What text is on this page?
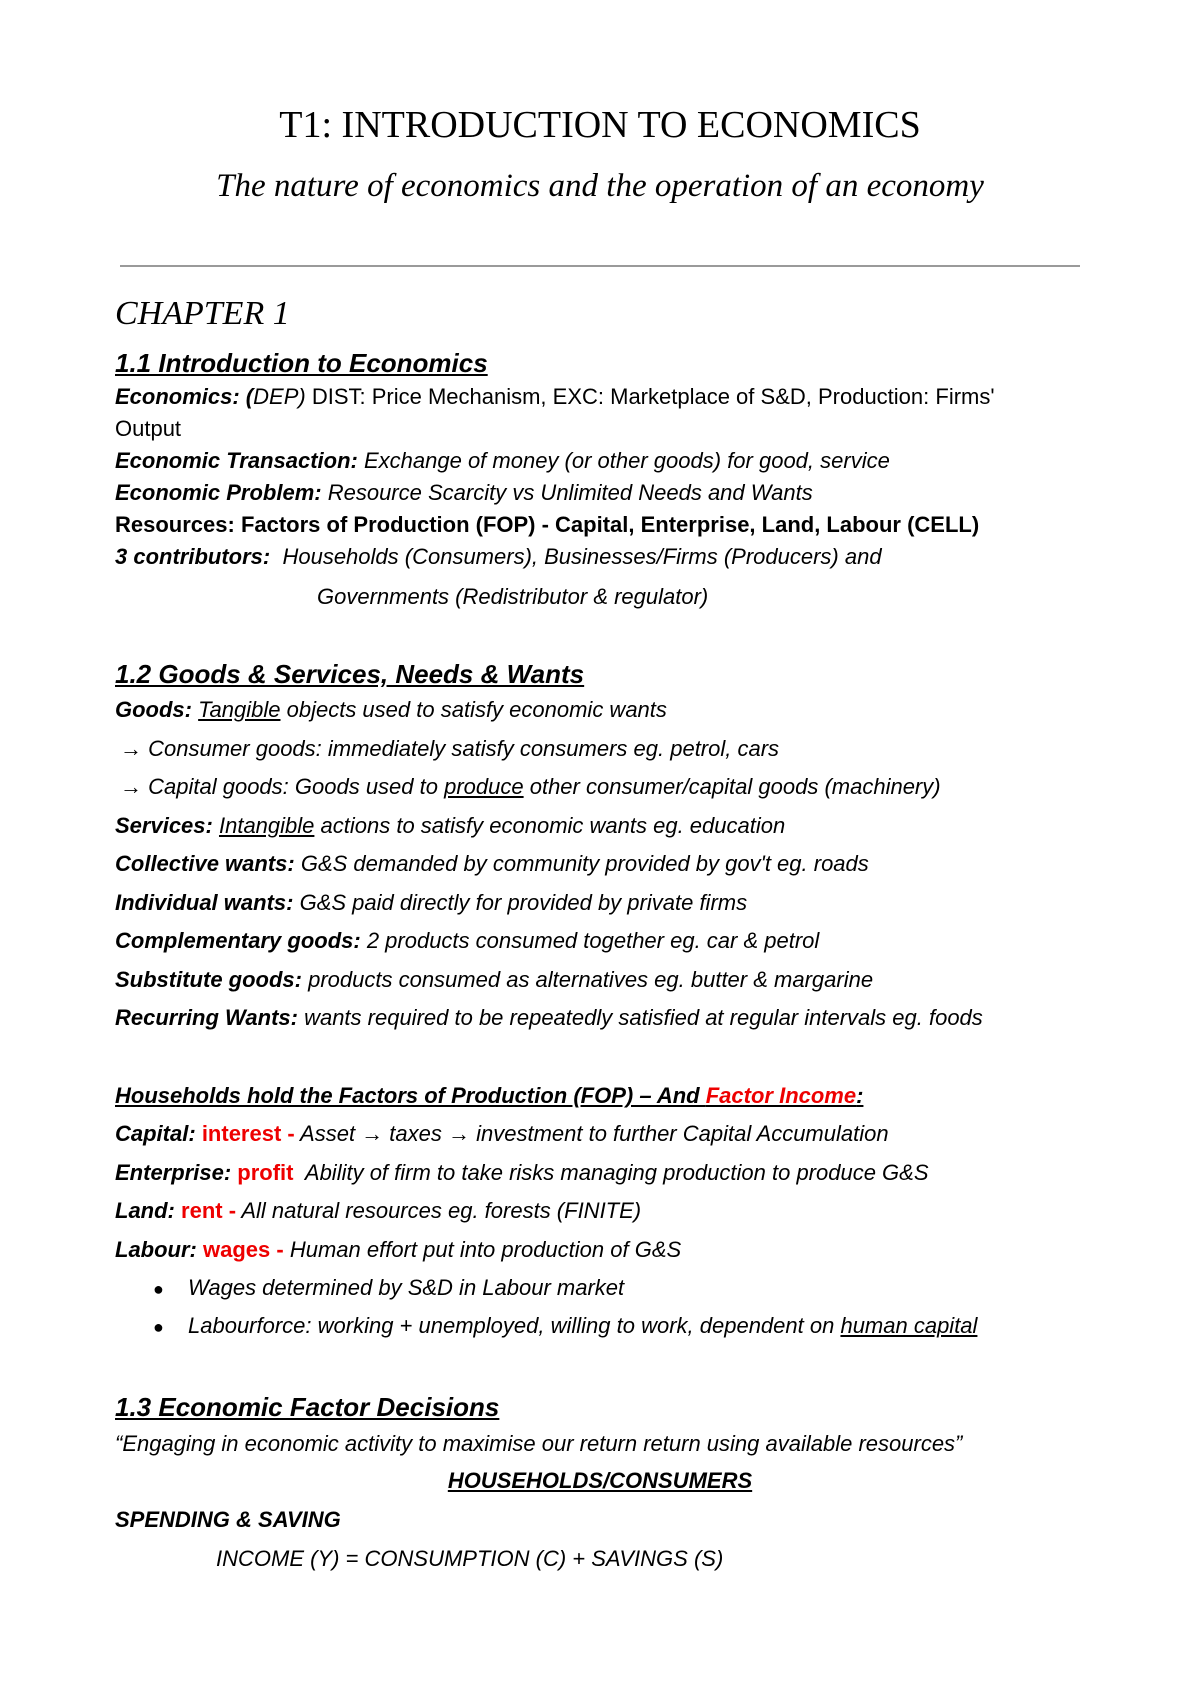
T1: INTRODUCTION TO ECONOMICS
The nature of economics and the operation of an economy
CHAPTER 1
1.1 Introduction to Economics
Economics: (DEP) DIST: Price Mechanism, EXC: Marketplace of S&D, Production: Firms'
Output
Economic Transaction: Exchange of money (or other goods) for good, service
Economic Problem: Resource Scarcity vs Unlimited Needs and Wants
Resources: Factors of Production (FOP) - Capital, Enterprise, Land, Labour (CELL)
3 contributors:  Households (Consumers), Businesses/Firms (Producers) and
Governments (Redistributor & regulator)
1.2 Goods & Services, Needs & Wants
Goods: Tangible objects used to satisfy economic wants
→ Consumer goods: immediately satisfy consumers eg. petrol, cars
→ Capital goods: Goods used to produce other consumer/capital goods (machinery)
Services: Intangible actions to satisfy economic wants eg. education
Collective wants: G&S demanded by community provided by gov't eg. roads
Individual wants: G&S paid directly for provided by private firms
Complementary goods: 2 products consumed together eg. car & petrol
Substitute goods: products consumed as alternatives eg. butter & margarine
Recurring Wants: wants required to be repeatedly satisfied at regular intervals eg. foods
Households hold the Factors of Production (FOP) – And Factor Income:
Capital: interest - Asset → taxes → investment to further Capital Accumulation
Enterprise: profit  Ability of firm to take risks managing production to produce G&S
Land: rent - All natural resources eg. forests (FINITE)
Labour: wages - Human effort put into production of G&S
● Wages determined by S&D in Labour market
● Labourforce: working + unemployed, willing to work, dependent on human capital
1.3 Economic Factor Decisions
“Engaging in economic activity to maximise our return return using available resources”
HOUSEHOLDS/CONSUMERS
SPENDING & SAVING
INCOME (Y) = CONSUMPTION (C) + SAVINGS (S)
